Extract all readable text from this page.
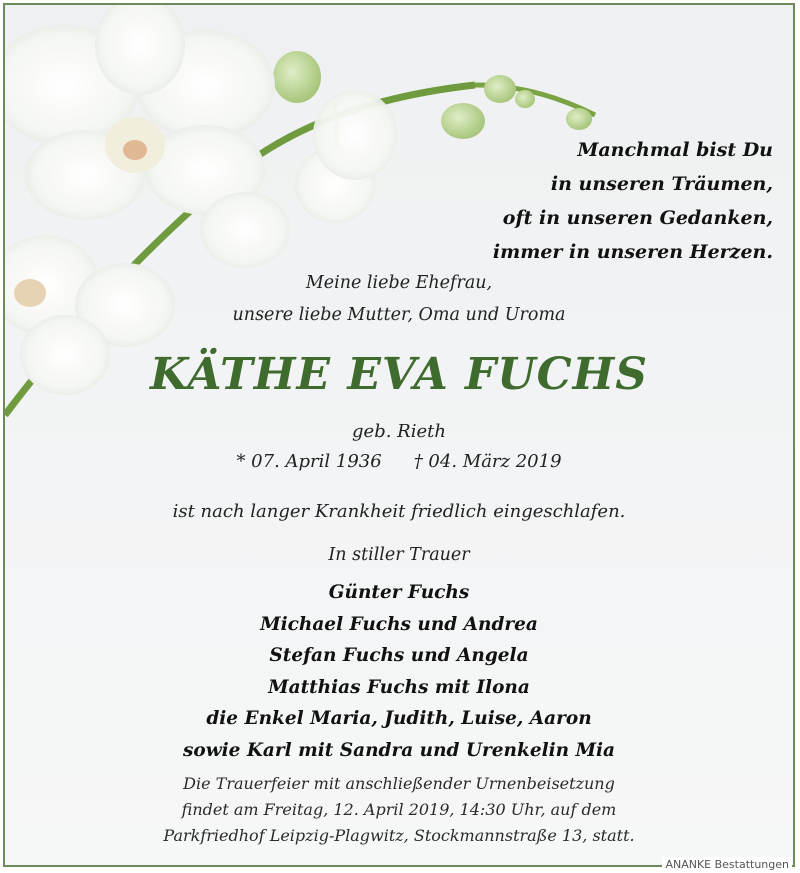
Manchmal bist Du
in unseren Träumen,
oft in unseren Gedanken,
immer in unseren Herzen.
Meine liebe Ehefrau,
unsere liebe Mutter, Oma und Uroma
KÄTHE EVA FUCHS
geb. Rieth
* 07. April 1936 † 04. März 2019
ist nach langer Krankheit friedlich eingeschlafen.
In stiller Trauer
Günter Fuchs
Michael Fuchs und Andrea
Stefan Fuchs und Angela
Matthias Fuchs mit Ilona
die Enkel Maria, Judith, Luise, Aaron
sowie Karl mit Sandra und Urenkelin Mia
Die Trauerfeier mit anschließender Urnenbeisetzung
findet am Freitag, 12. April 2019, 14:30 Uhr, auf dem
Parkfriedhof Leipzig-Plagwitz, Stockmannstraße 13, statt.
ANANKE Bestattungen
